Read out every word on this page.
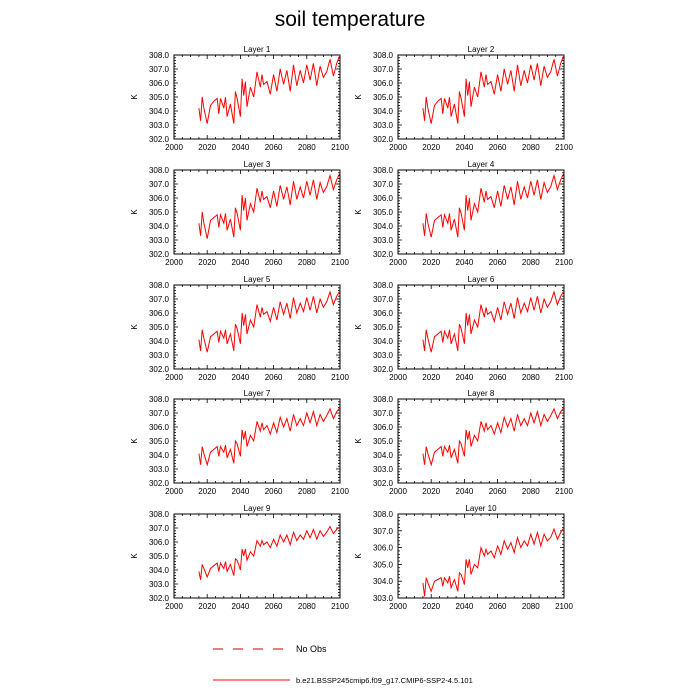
soil temperature
Layer 1
K
2000 2020 2040 2060 2080 2100
302.0
303.0
304.0
305.0
306.0
307.0
308.0
Layer 2
K
2000 2020 2040 2060 2080 2100
302.0
303.0
304.0
305.0
306.0
307.0
308.0
Layer 3
K
2000 2020 2040 2060 2080 2100
302.0
303.0
304.0
305.0
306.0
307.0
308.0
Layer 4
K
2000 2020 2040 2060 2080 2100
302.0
303.0
304.0
305.0
306.0
307.0
308.0
Layer 5
K
2000 2020 2040 2060 2080 2100
302.0
303.0
304.0
305.0
306.0
307.0
308.0
Layer 6
K
2000 2020 2040 2060 2080 2100
302.0
303.0
304.0
305.0
306.0
307.0
308.0
Layer 7
K
2000 2020 2040 2060 2080 2100
302.0
303.0
304.0
305.0
306.0
307.0
308.0
Layer 8
K
2000 2020 2040 2060 2080 2100
302.0
303.0
304.0
305.0
306.0
307.0
308.0
Layer 9
K
2000 2020 2040 2060 2080 2100
302.0
303.0
304.0
305.0
306.0
307.0
308.0
Layer 10
K
2000 2020 2040 2060 2080 2100
303.0
304.0
305.0
306.0
307.0
308.0
No Obs
b.e21.BSSP245cmip6.f09_g17.CMIP6-SSP2-4.5.101
